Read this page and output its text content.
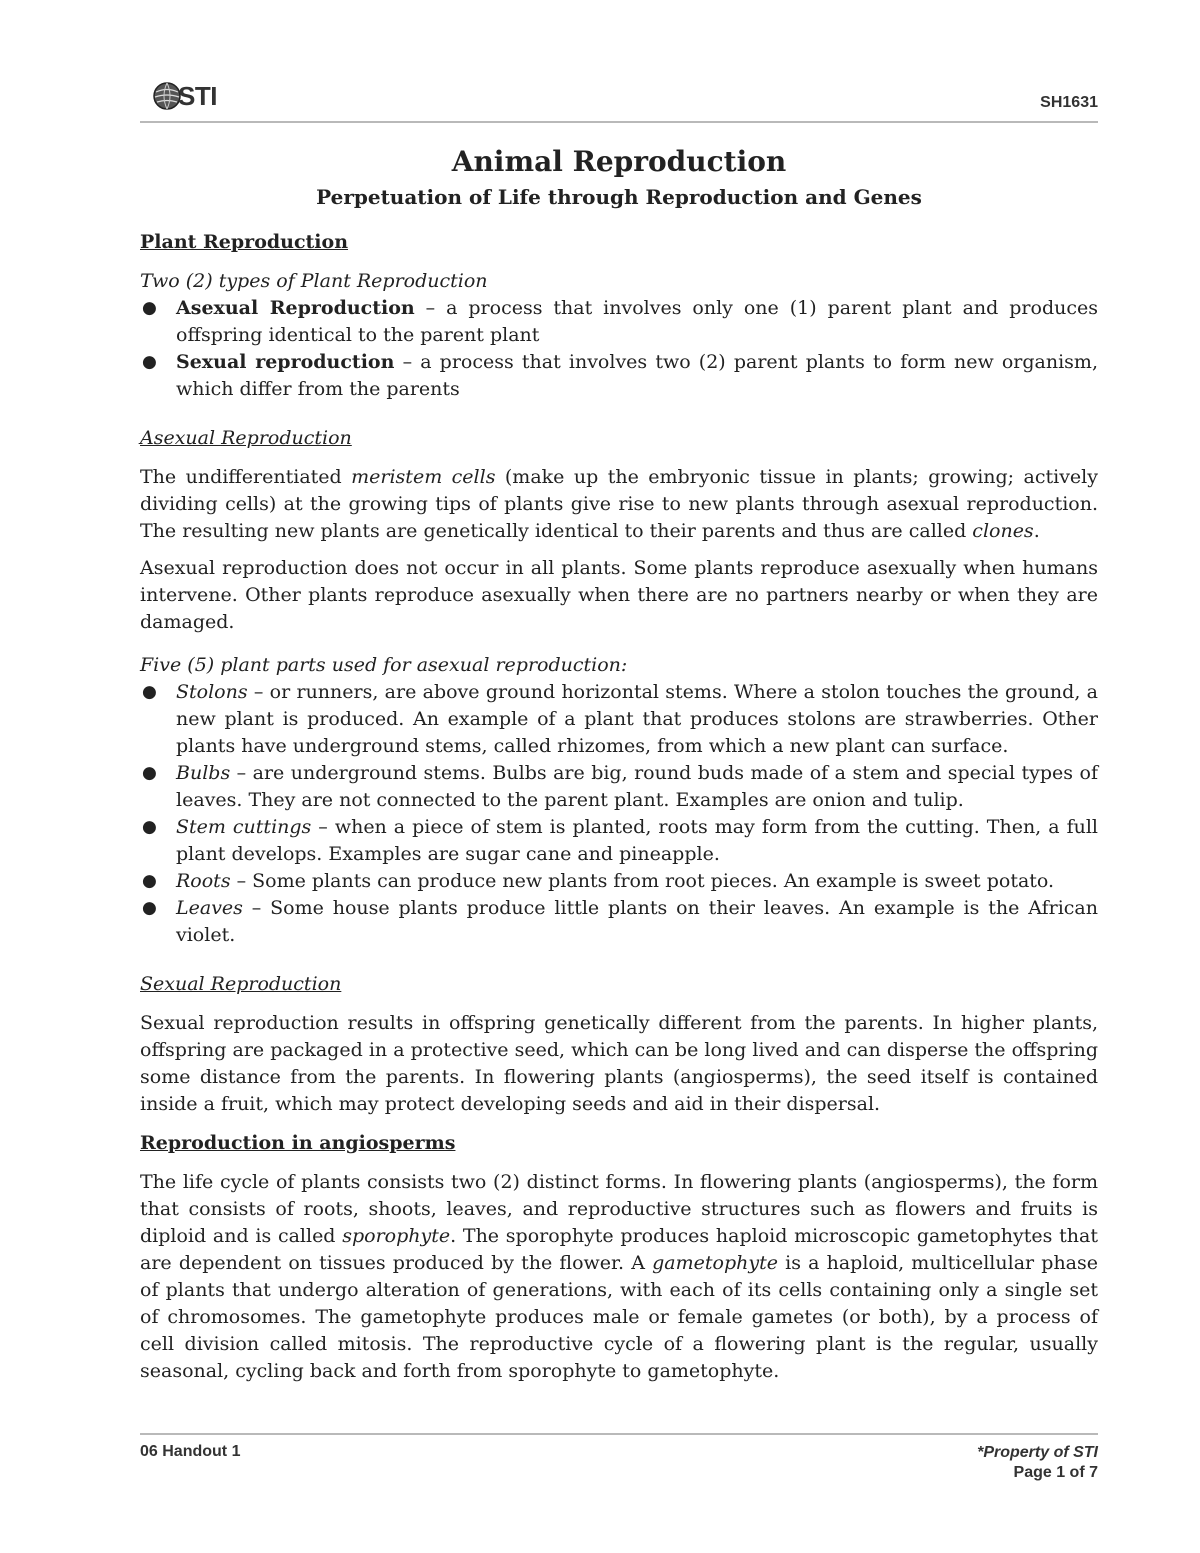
STI	SH1631
Animal Reproduction
Perpetuation of Life through Reproduction and Genes
Plant Reproduction
Two (2) types of Plant Reproduction
● Asexual Reproduction – a process that involves only one (1) parent plant and produces offspring identical to the parent plant
● Sexual reproduction – a process that involves two (2) parent plants to form new organism, which differ from the parents
Asexual Reproduction

The undifferentiated meristem cells (make up the embryonic tissue in plants; growing; actively dividing cells) at the growing tips of plants give rise to new plants through asexual reproduction. The resulting new plants are genetically identical to their parents and thus are called clones.

Asexual reproduction does not occur in all plants. Some plants reproduce asexually when humans intervene. Other plants reproduce asexually when there are no partners nearby or when they are damaged.

Five (5) plant parts used for asexual reproduction:
● Stolons – or runners, are above ground horizontal stems. Where a stolon touches the ground, a new plant is produced. An example of a plant that produces stolons are strawberries. Other plants have underground stems, called rhizomes, from which a new plant can surface.
● Bulbs – are underground stems. Bulbs are big, round buds made of a stem and special types of leaves. They are not connected to the parent plant. Examples are onion and tulip.
● Stem cuttings – when a piece of stem is planted, roots may form from the cutting. Then, a full plant develops. Examples are sugar cane and pineapple.
● Roots – Some plants can produce new plants from root pieces. An example is sweet potato.
● Leaves – Some house plants produce little plants on their leaves. An example is the African violet.
Sexual Reproduction

Sexual reproduction results in offspring genetically different from the parents. In higher plants, offspring are packaged in a protective seed, which can be long lived and can disperse the offspring some distance from the parents. In flowering plants (angiosperms), the seed itself is contained inside a fruit, which may protect developing seeds and aid in their dispersal.

Reproduction in angiosperms

The life cycle of plants consists two (2) distinct forms. In flowering plants (angiosperms), the form that consists of roots, shoots, leaves, and reproductive structures such as flowers and fruits is diploid and is called sporophyte. The sporophyte produces haploid microscopic gametophytes that are dependent on tissues produced by the flower. A gametophyte is a haploid, multicellular phase of plants that undergo alteration of generations, with each of its cells containing only a single set of chromosomes. The gametophyte produces male or female gametes (or both), by a process of cell division called mitosis. The reproductive cycle of a flowering plant is the regular, usually seasonal, cycling back and forth from sporophyte to gametophyte.

06 Handout 1	*Property of STI
Page 1 of 7
